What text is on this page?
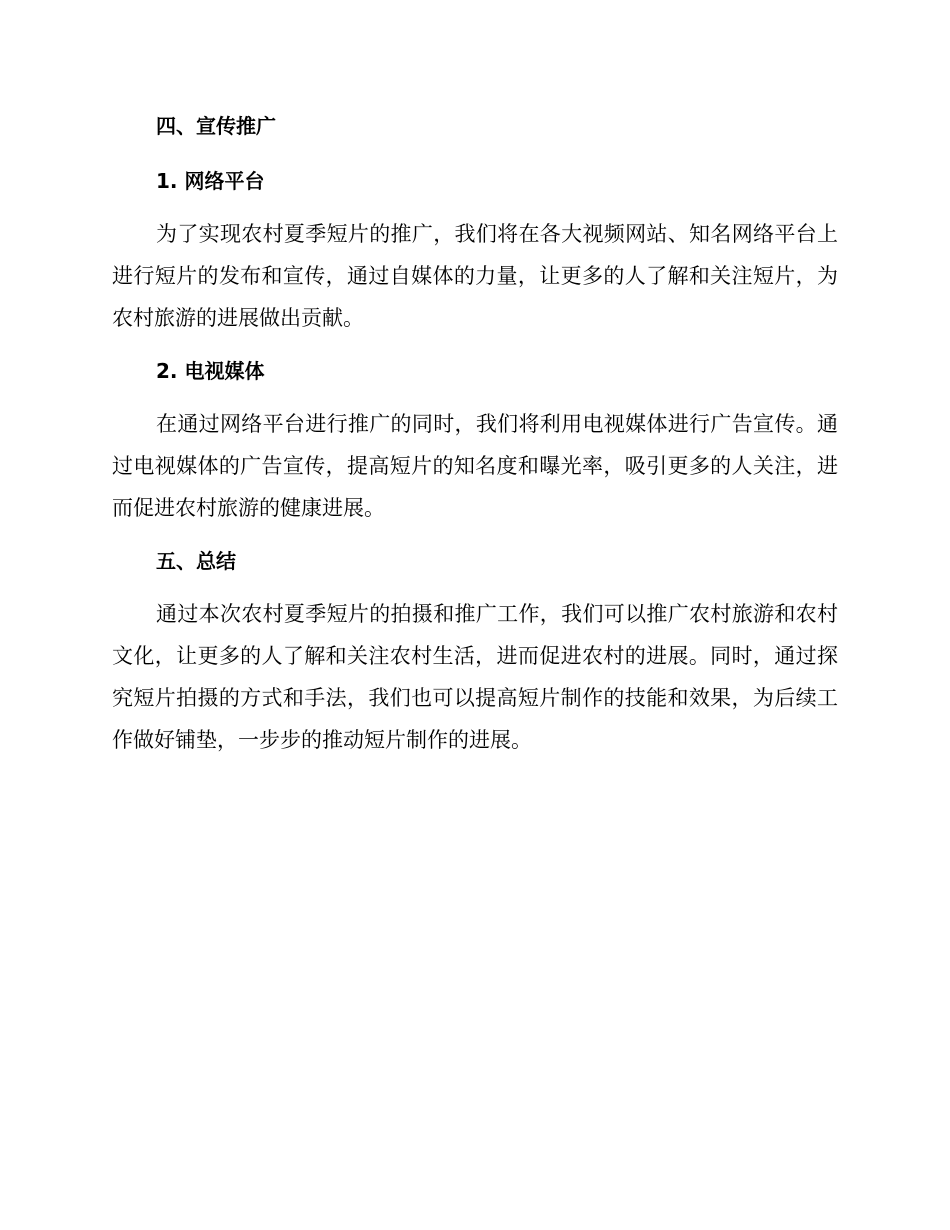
四、宣传推广
1. 网络平台

为了实现农村夏季短片的推广，我们将在各大视频网站、知名网络平台上进行短片的发布和宣传，通过自媒体的力量，让更多的人了解和关注短片，为农村旅游的进展做出贡献。

2. 电视媒体

在通过网络平台进行推广的同时，我们将利用电视媒体进行广告宣传。通过电视媒体的广告宣传，提高短片的知名度和曝光率，吸引更多的人关注，进而促进农村旅游的健康进展。

五、总结

通过本次农村夏季短片的拍摄和推广工作，我们可以推广农村旅游和农村文化，让更多的人了解和关注农村生活，进而促进农村的进展。同时，通过探究短片拍摄的方式和手法，我们也可以提高短片制作的技能和效果，为后续工作做好铺垫，一步步的推动短片制作的进展。
